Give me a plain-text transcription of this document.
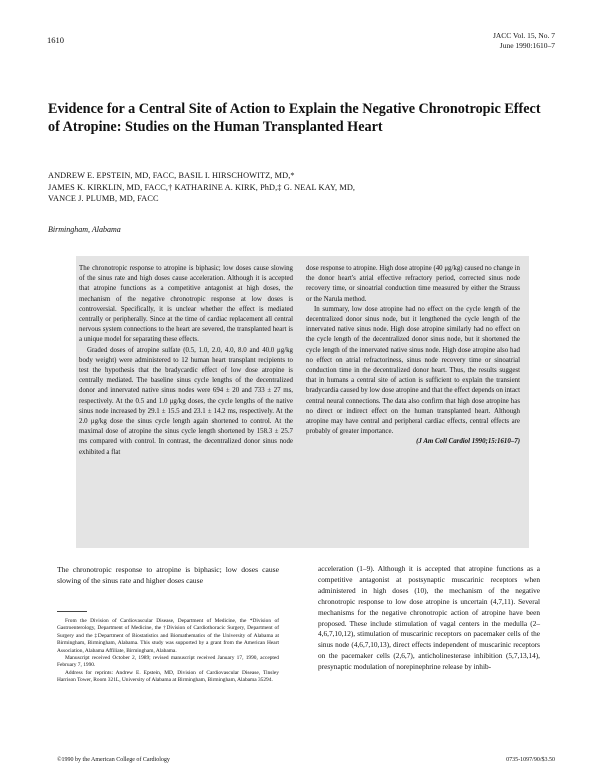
1610	JACC Vol. 15, No. 7
June 1990:1610–7
Evidence for a Central Site of Action to Explain the Negative Chronotropic Effect of Atropine: Studies on the Human Transplanted Heart
ANDREW E. EPSTEIN, MD, FACC, BASIL I. HIRSCHOWITZ, MD,*
JAMES K. KIRKLIN, MD, FACC,† KATHARINE A. KIRK, PhD,‡ G. NEAL KAY, MD,
VANCE J. PLUMB, MD, FACC
Birmingham, Alabama

The chronotropic response to atropine is biphasic; low doses cause slowing of the sinus rate and high doses cause acceleration. Although it is accepted that atropine functions as a competitive antagonist at high doses, the mechanism of the negative chronotropic response at low doses is controversial. Specifically, it is unclear whether the effect is mediated centrally or peripherally. Since at the time of cardiac replacement all central nervous system connections to the heart are severed, the transplanted heart is a unique model for separating these effects.

Graded doses of atropine sulfate (0.5, 1.0, 2.0, 4.0, 8.0 and 40.0 μg/kg body weight) were administered to 12 human heart transplant recipients to test the hypothesis that the bradycardic effect of low dose atropine is centrally mediated. The baseline sinus cycle lengths of the decentralized donor and innervated native sinus nodes were 694 ± 20 and 733 ± 27 ms, respectively. At the 0.5 and 1.0 μg/kg doses, the cycle lengths of the native sinus node increased by 29.1 ± 15.5 and 23.1 ± 14.2 ms, respectively. At the 2.0 μg/kg dose the sinus cycle length again shortened to control. At the maximal dose of atropine the sinus cycle length shortened by 158.3 ± 25.7 ms compared with control. In contrast, the decentralized donor sinus node exhibited a flat

dose response to atropine. High dose atropine (40 μg/kg) caused no change in the donor heart's atrial effective refractory period, corrected sinus node recovery time, or sinoatrial conduction time measured by either the Strauss or the Narula method.

In summary, low dose atropine had no effect on the cycle length of the decentralized donor sinus node, but it lengthened the cycle length of the innervated native sinus node. High dose atropine similarly had no effect on the cycle length of the decentralized donor sinus node, but it shortened the cycle length of the innervated native sinus node. High dose atropine also had no effect on atrial refractoriness, sinus node recovery time or sinoatrial conduction time in the decentralized donor heart. Thus, the results suggest that in humans a central site of action is sufficient to explain the transient bradycardia caused by low dose atropine and that the effect depends on intact central neural connections. The data also confirm that high dose atropine has no direct or indirect effect on the human transplanted heart. Although atropine may have central and peripheral cardiac effects, central effects are probably of greater importance.

(J Am Coll Cardiol 1990;15:1610–7)

The chronotropic response to atropine is biphasic; low doses cause slowing of the sinus rate and higher doses cause

From the Division of Cardiovascular Disease, Department of Medicine, the *Division of Gastroenterology, Department of Medicine, the †Division of Cardiothoracic Surgery, Department of Surgery and the ‡Department of Biostatistics and Biomathematics of the University of Alabama at Birmingham, Birmingham, Alabama. This study was supported by a grant from the American Heart Association, Alabama Affiliate, Birmingham, Alabama.

Manuscript received October 2, 1989; revised manuscript received January 17, 1990, accepted February 7, 1990.

Address for reprints: Andrew E. Epstein, MD, Division of Cardiovascular Disease, Tinsley Harrison Tower, Room 321L, University of Alabama at Birmingham, Birmingham, Alabama 35294.

acceleration (1–9). Although it is accepted that atropine functions as a competitive antagonist at postsynaptic muscarinic receptors when administered in high doses (10), the mechanism of the negative chronotropic response to low dose atropine is uncertain (4,7,11). Several mechanisms for the negative chronotropic action of atropine have been proposed. These include stimulation of vagal centers in the medulla (2–4,6,7,10,12), stimulation of muscarinic receptors on pacemaker cells of the sinus node (4,6,7,10,13), direct effects independent of muscarinic receptors on the pacemaker cells (2,6,7), anticholinesterase inhibition (5,7,13,14), presynaptic modulation of norepinephrine release by inhib-

©1990 by the American College of Cardiology	0735-1097/90/$3.50
